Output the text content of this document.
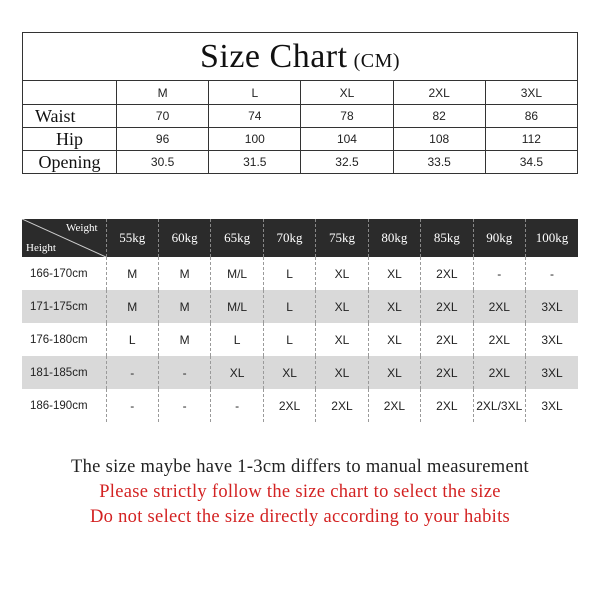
Size Chart (CM)					
	M	L	XL	2XL	3XL
Waist	70	74	78	82	86
Hip	96	100	104	108	112
Opening	30.5	31.5	32.5	33.5	34.5
Weight
Height	55kg	60kg	65kg	70kg	75kg	80kg	85kg	90kg	100kg
166-170cm	M	M	M/L	L	XL	XL	2XL	-	-
171-175cm	M	M	M/L	L	XL	XL	2XL	2XL	3XL
176-180cm	L	M	L	L	XL	XL	2XL	2XL	3XL
181-185cm	-	-	XL	XL	XL	XL	2XL	2XL	3XL
186-190cm	-	-	-	2XL	2XL	2XL	2XL	2XL/3XL	3XL
The size maybe have 1-3cm differs to manual measurement
Please strictly follow the size chart to select the size
Do not select the size directly according to your habits
